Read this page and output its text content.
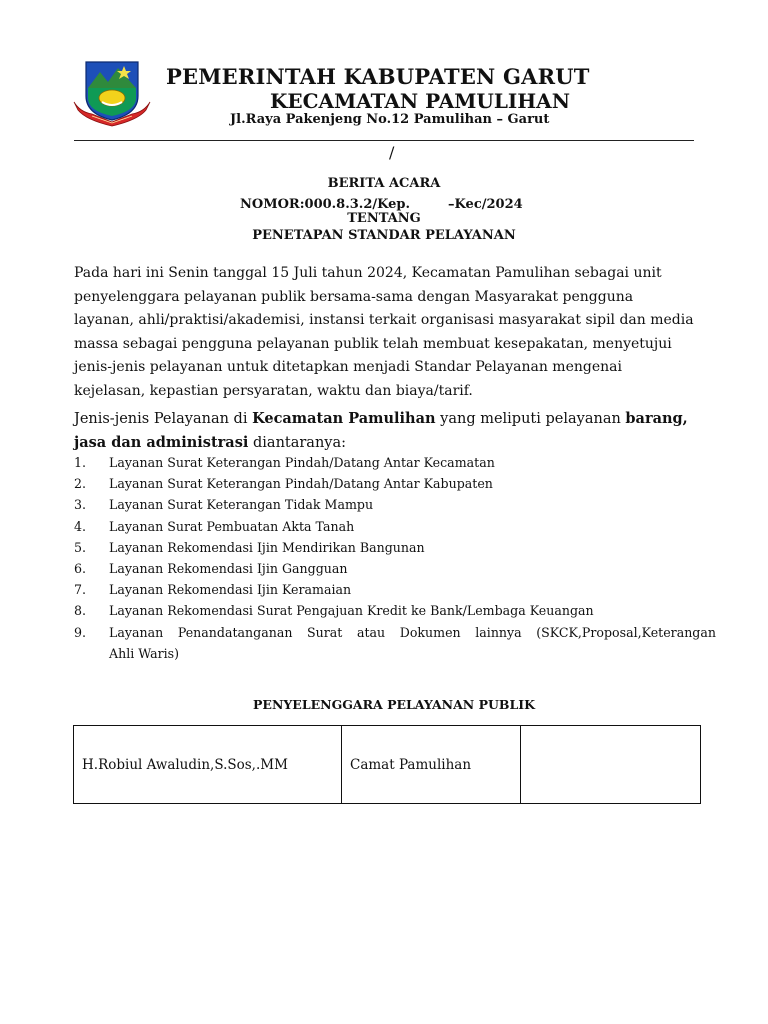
PEMERINTAH KABUPATEN GARUT
KECAMATAN PAMULIHAN
Jl.Raya Pakenjeng No.12 Pamulihan – Garut
/
BERITA ACARA
NOMOR:000.8.3.2/Kep.	–Kec/2024
TENTANG
PENETAPAN STANDAR PELAYANAN
Pada hari ini Senin tanggal 15 Juli tahun 2024, Kecamatan Pamulihan sebagai unit penyelenggara pelayanan publik bersama-sama dengan Masyarakat pengguna layanan, ahli/praktisi/akademisi, instansi terkait organisasi masyarakat sipil dan media massa sebagai pengguna pelayanan publik telah membuat kesepakatan, menyetujui jenis-jenis pelayanan untuk ditetapkan menjadi Standar Pelayanan mengenai kejelasan, kepastian persyaratan, waktu dan biaya/tarif.
Jenis-jenis Pelayanan di Kecamatan Pamulihan yang meliputi pelayanan barang, jasa dan administrasi diantaranya:
1. Layanan Surat Keterangan Pindah/Datang Antar Kecamatan
2. Layanan Surat Keterangan Pindah/Datang Antar Kabupaten
3. Layanan Surat Keterangan Tidak Mampu
4. Layanan Surat Pembuatan Akta Tanah
5. Layanan Rekomendasi Ijin Mendirikan Bangunan
6. Layanan Rekomendasi Ijin Gangguan
7. Layanan Rekomendasi Ijin Keramaian
8. Layanan Rekomendasi Surat Pengajuan Kredit ke Bank/Lembaga Keuangan
9. Layanan Penandatanganan Surat atau Dokumen lainnya (SKCK,Proposal,Keterangan
Ahli Waris)
PENYELENGGARA PELAYANAN PUBLIK
H.Robiul Awaludin,S.Sos,.MM	Camat Pamulihan	
